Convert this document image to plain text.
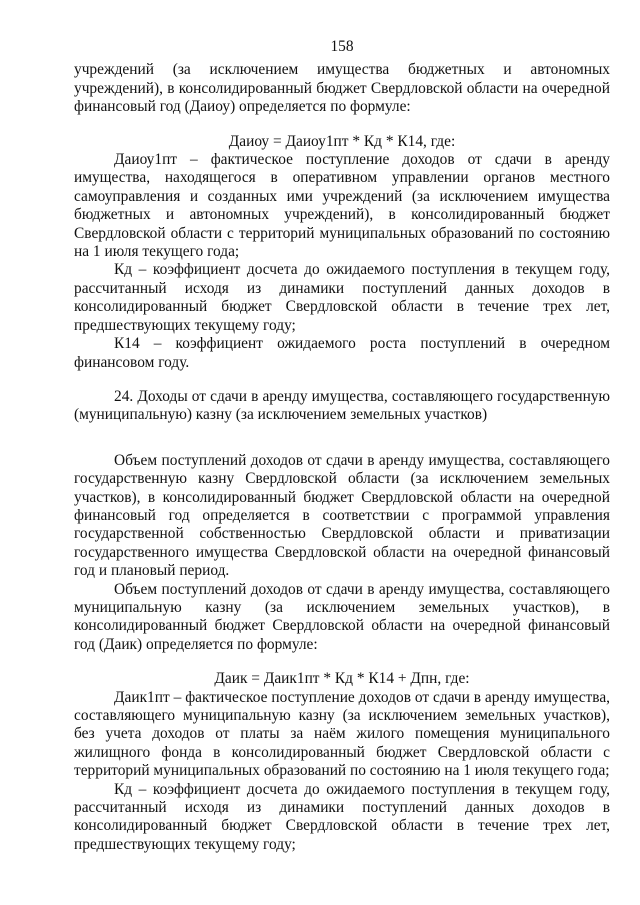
158

учреждений (за исключением имущества бюджетных и автономных учреждений), в консолидированный бюджет Свердловской области на очередной финансовый год (Даиоу) определяется по формуле:

Даиоу = Даиоу1пт * Кд * К14, где:

Даиоу1пт – фактическое поступление доходов от сдачи в аренду имущества, находящегося в оперативном управлении органов местного самоуправления и созданных ими учреждений (за исключением имущества бюджетных и автономных учреждений), в консолидированный бюджет Свердловской области с территорий муниципальных образований по состоянию на 1 июля текущего года;

Кд – коэффициент досчета до ожидаемого поступления в текущем году, рассчитанный исходя из динамики поступлений данных доходов в консолидированный бюджет Свердловской области в течение трех лет, предшествующих текущему году;

К14 – коэффициент ожидаемого роста поступлений в очередном финансовом году.

24. Доходы от сдачи в аренду имущества, составляющего государственную (муниципальную) казну (за исключением земельных участков)

Объем поступлений доходов от сдачи в аренду имущества, составляющего государственную казну Свердловской области (за исключением земельных участков), в консолидированный бюджет Свердловской области на очередной финансовый год определяется в соответствии с программой управления государственной собственностью Свердловской области и приватизации государственного имущества Свердловской области на очередной финансовый год и плановый период.

Объем поступлений доходов от сдачи в аренду имущества, составляющего муниципальную казну (за исключением земельных участков), в консолидированный бюджет Свердловской области на очередной финансовый год (Даик) определяется по формуле:

Даик = Даик1пт * Кд * К14 + Дпн, где:

Даик1пт – фактическое поступление доходов от сдачи в аренду имущества, составляющего муниципальную казну (за исключением земельных участков), без учета доходов от платы за наём жилого помещения муниципального жилищного фонда в консолидированный бюджет Свердловской области с территорий муниципальных образований по состоянию на 1 июля текущего года;

Кд – коэффициент досчета до ожидаемого поступления в текущем году, рассчитанный исходя из динамики поступлений данных доходов в консолидированный бюджет Свердловской области в течение трех лет, предшествующих текущему году;
